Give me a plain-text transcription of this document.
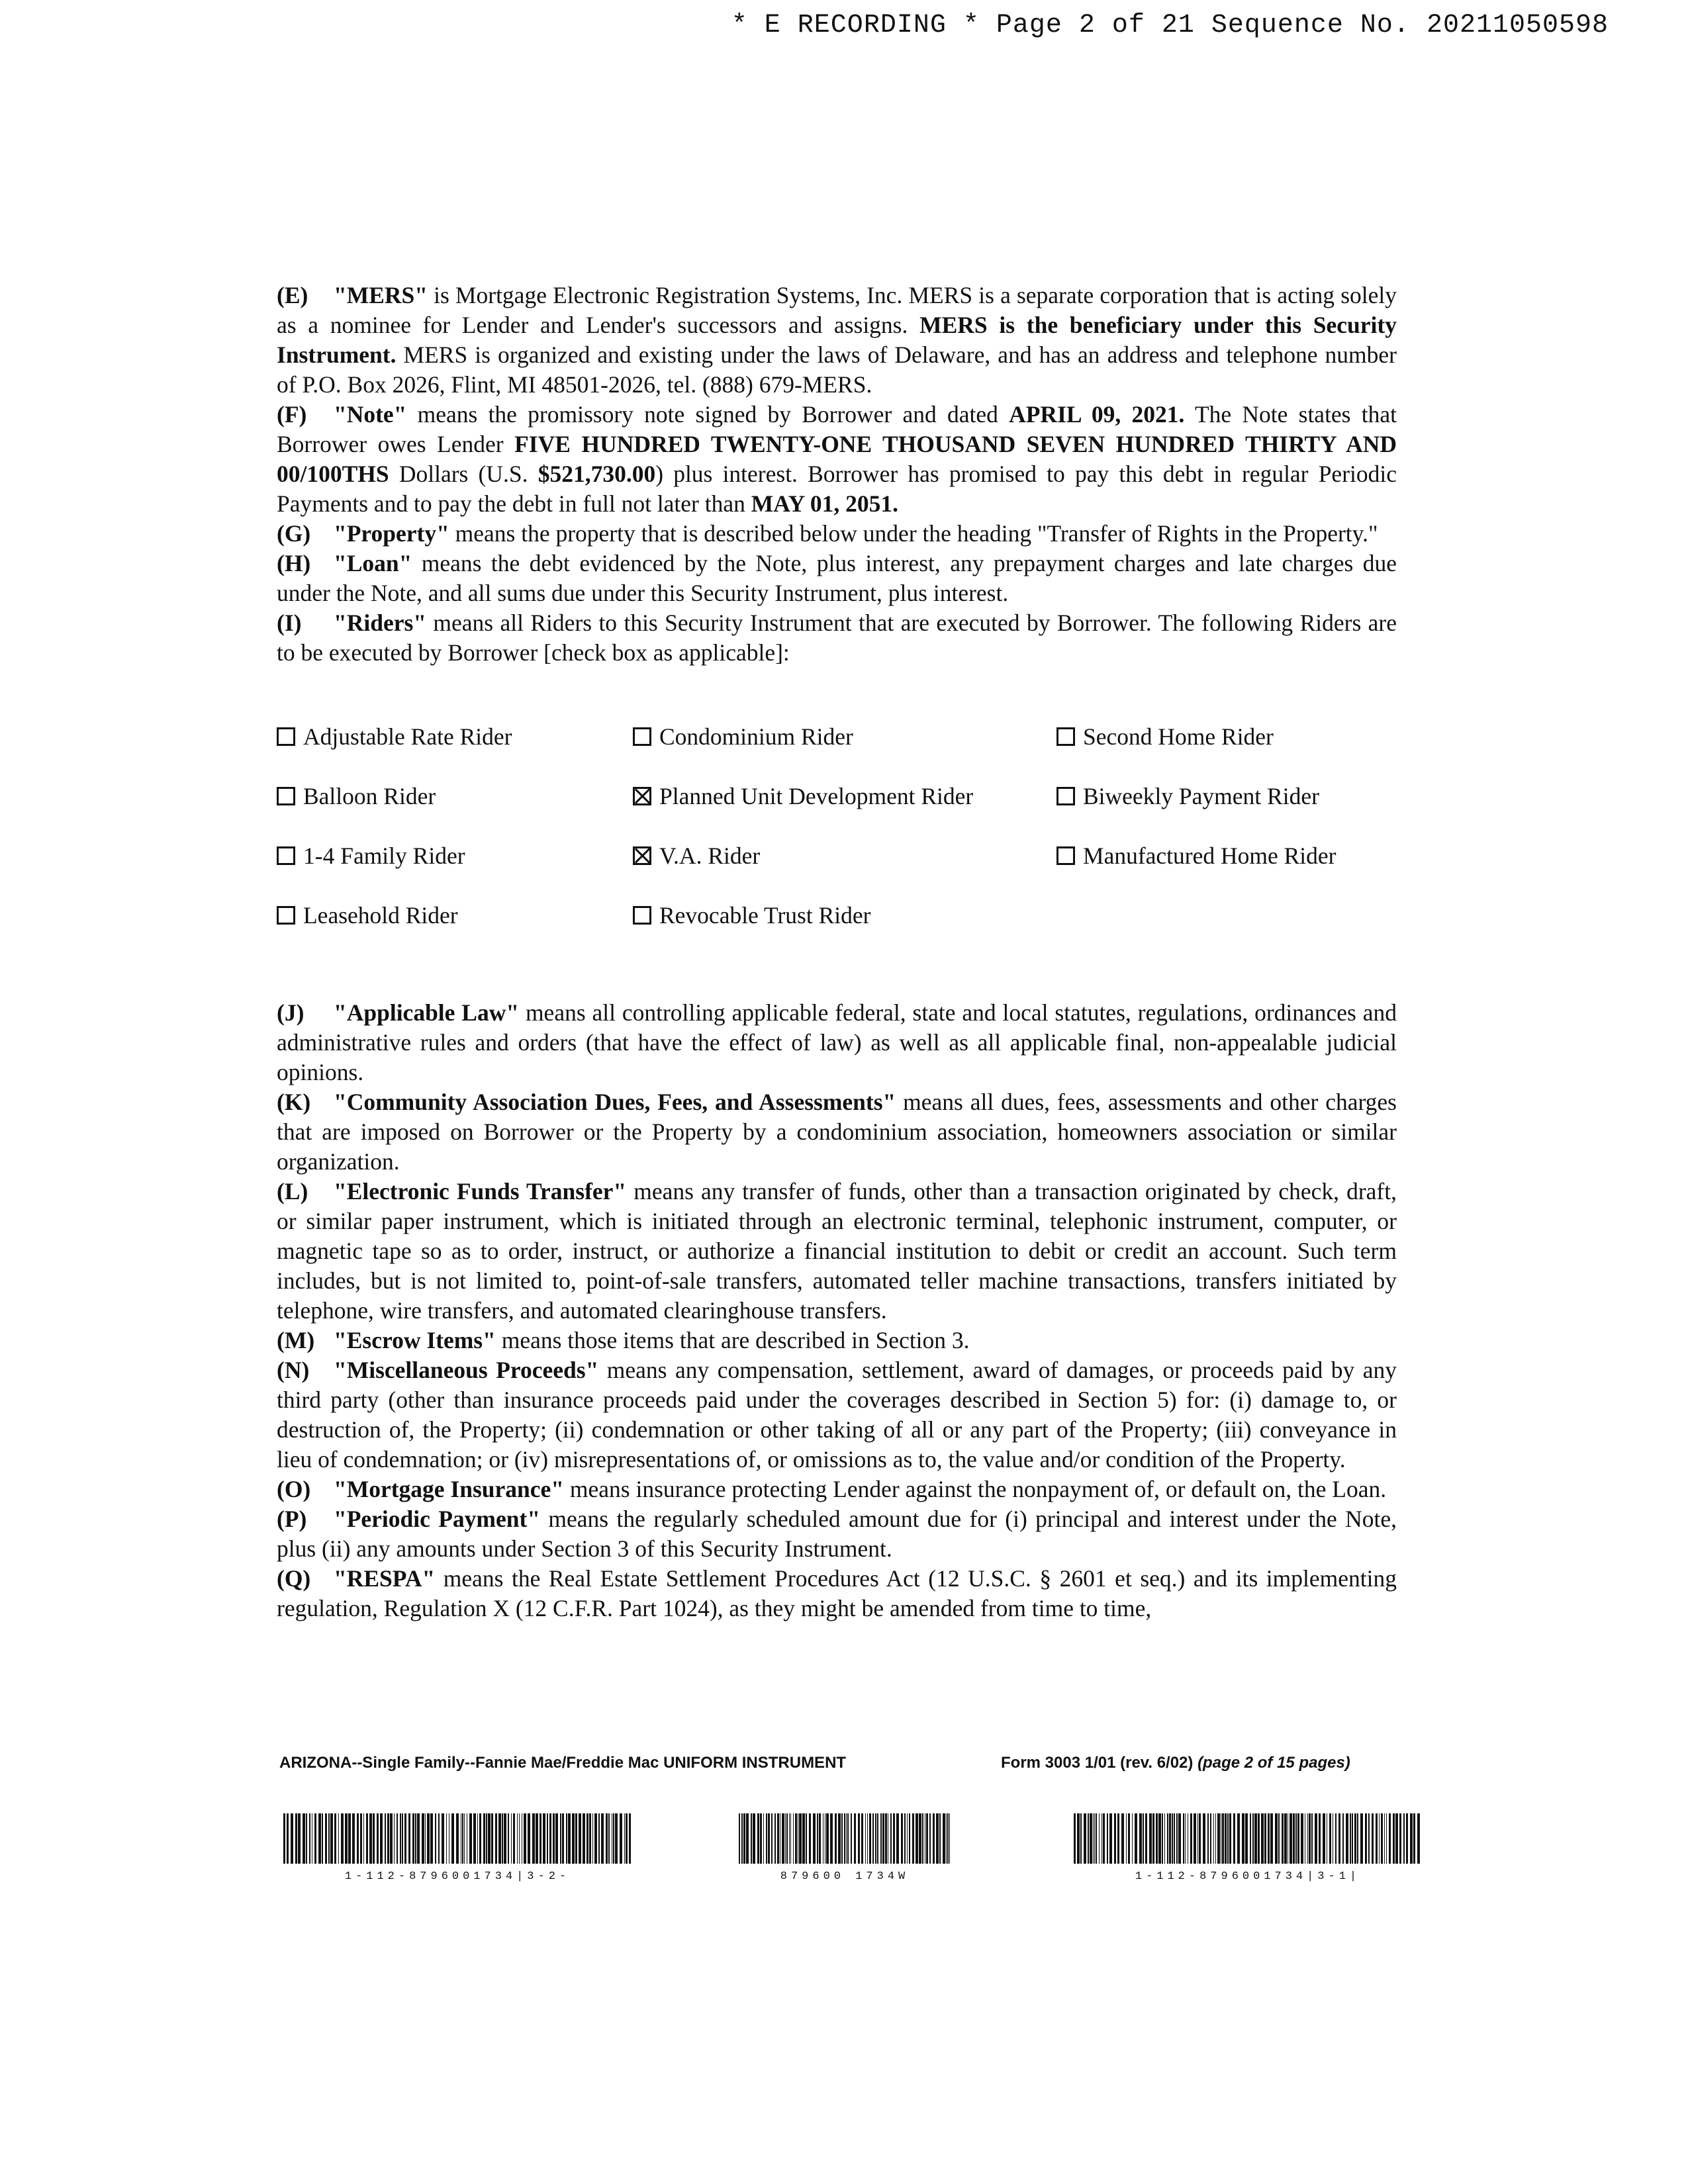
* E RECORDING * Page 2 of 21 Sequence No. 20211050598

(E) "MERS" is Mortgage Electronic Registration Systems, Inc. MERS is a separate corporation that is acting solely as a nominee for Lender and Lender's successors and assigns. MERS is the beneficiary under this Security Instrument. MERS is organized and existing under the laws of Delaware, and has an address and telephone number of P.O. Box 2026, Flint, MI 48501-2026, tel. (888) 679-MERS.

(F) "Note" means the promissory note signed by Borrower and dated APRIL 09, 2021. The Note states that Borrower owes Lender FIVE HUNDRED TWENTY-ONE THOUSAND SEVEN HUNDRED THIRTY AND 00/100THS Dollars (U.S. $521,730.00) plus interest. Borrower has promised to pay this debt in regular Periodic Payments and to pay the debt in full not later than MAY 01, 2051.

(G) "Property" means the property that is described below under the heading "Transfer of Rights in the Property."

(H) "Loan" means the debt evidenced by the Note, plus interest, any prepayment charges and late charges due under the Note, and all sums due under this Security Instrument, plus interest.

(I) "Riders" means all Riders to this Security Instrument that are executed by Borrower. The following Riders are to be executed by Borrower [check box as applicable]:

Adjustable Rate Rider	Condominium Rider	Second Home Rider
Balloon Rider	Planned Unit Development Rider	Biweekly Payment Rider
1-4 Family Rider	V.A. Rider	Manufactured Home Rider
Leasehold Rider	Revocable Trust Rider

(J) "Applicable Law" means all controlling applicable federal, state and local statutes, regulations, ordinances and administrative rules and orders (that have the effect of law) as well as all applicable final, non-appealable judicial opinions.

(K) "Community Association Dues, Fees, and Assessments" means all dues, fees, assessments and other charges that are imposed on Borrower or the Property by a condominium association, homeowners association or similar organization.

(L) "Electronic Funds Transfer" means any transfer of funds, other than a transaction originated by check, draft, or similar paper instrument, which is initiated through an electronic terminal, telephonic instrument, computer, or magnetic tape so as to order, instruct, or authorize a financial institution to debit or credit an account. Such term includes, but is not limited to, point-of-sale transfers, automated teller machine transactions, transfers initiated by telephone, wire transfers, and automated clearinghouse transfers.

(M) "Escrow Items" means those items that are described in Section 3.

(N) "Miscellaneous Proceeds" means any compensation, settlement, award of damages, or proceeds paid by any third party (other than insurance proceeds paid under the coverages described in Section 5) for: (i) damage to, or destruction of, the Property; (ii) condemnation or other taking of all or any part of the Property; (iii) conveyance in lieu of condemnation; or (iv) misrepresentations of, or omissions as to, the value and/or condition of the Property.

(O) "Mortgage Insurance" means insurance protecting Lender against the nonpayment of, or default on, the Loan.

(P) "Periodic Payment" means the regularly scheduled amount due for (i) principal and interest under the Note, plus (ii) any amounts under Section 3 of this Security Instrument.

(Q) "RESPA" means the Real Estate Settlement Procedures Act (12 U.S.C. § 2601 et seq.) and its implementing regulation, Regulation X (12 C.F.R. Part 1024), as they might be amended from time to time,

ARIZONA--Single Family--Fannie Mae/Freddie Mac UNIFORM INSTRUMENT	Form 3003 1/01 (rev. 6/02) (page 2 of 15 pages)
1-112-8796001734|3-2-	879600 1734W	1-112-8796001734|3-1|
